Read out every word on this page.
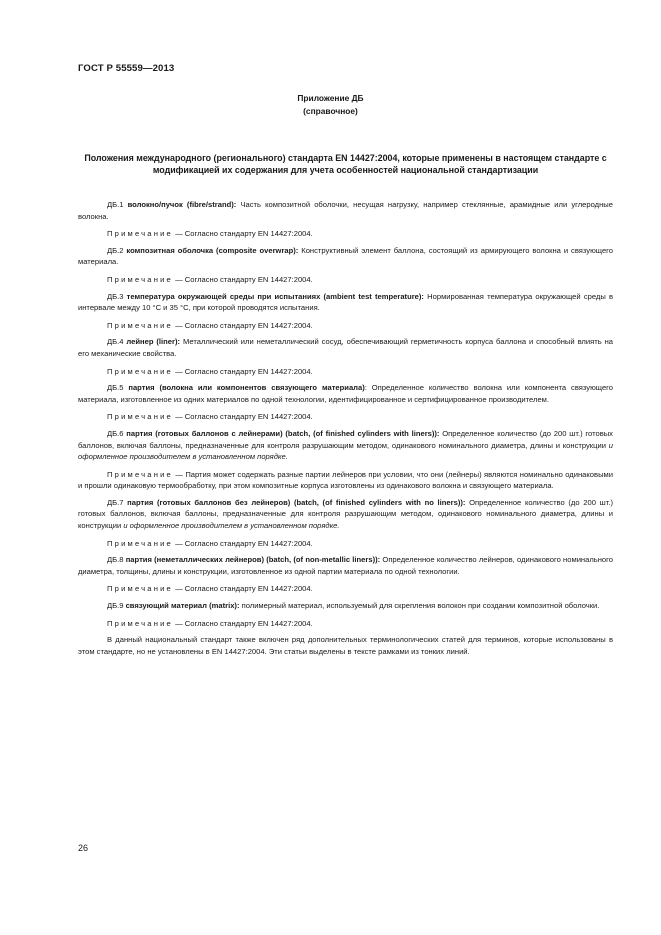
ГОСТ Р 55559—2013
Приложение ДБ
(справочное)
Положения международного (регионального) стандарта EN 14427:2004, которые применены в настоящем стандарте с модификацией их содержания для учета особенностей национальной стандартизации

ДБ.1 волокно/пучок (fibre/strand): Часть композитной оболочки, несущая нагрузку, например стеклянные, арамидные или углеродные волокна.

Примечание — Согласно стандарту EN 14427:2004.

ДБ.2 композитная оболочка (composite overwrap): Конструктивный элемент баллона, состоящий из армирующего волокна и связующего материала.

Примечание — Согласно стандарту EN 14427:2004.

ДБ.3 температура окружающей среды при испытаниях (ambient test temperature): Нормированная температура окружающей среды в интервале между 10 °С и 35 °С, при которой проводятся испытания.

Примечание — Согласно стандарту EN 14427:2004.

ДБ.4 лейнер (liner): Металлический или неметаллический сосуд, обеспечивающий герметичность корпуса баллона и способный влиять на его механические свойства.

Примечание — Согласно стандарту EN 14427:2004.

ДБ.5 партия (волокна или компонентов связующего материала): Определенное количество волокна или компонента связующего материала, изготовленное из одних материалов по одной технологии, идентифицированное и сертифицированное производителем.

Примечание — Согласно стандарту EN 14427:2004.

ДБ.6 партия (готовых баллонов с лейнерами) (batch, (of finished cylinders with liners)): Определенное количество (до 200 шт.) готовых баллонов, включая баллоны, предназначенные для контроля разрушающим методом, одинакового номинального диаметра, длины и конструкции и оформленное производителем в установленном порядке.

Примечание — Партия может содержать разные партии лейнеров при условии, что они (лейнеры) являются номинально одинаковыми и прошли одинаковую термообработку, при этом композитные корпуса изготовлены из одинакового волокна и связующего материала.

ДБ.7 партия (готовых баллонов без лейнеров) (batch, (of finished cylinders with no liners)): Определенное количество (до 200 шт.) готовых баллонов, включая баллоны, предназначенные для контроля разрушающим методом, одинакового номинального диаметра, длины и конструкции и оформленное производителем в установленном порядке.

Примечание — Согласно стандарту EN 14427:2004.

ДБ.8 партия (неметаллических лейнеров) (batch, (of non-metallic liners)): Определенное количество лейнеров, одинакового номинального диаметра, толщины, длины и конструкции, изготовленное из одной партии материала по одной технологии.

Примечание — Согласно стандарту EN 14427:2004.

ДБ.9 связующий материал (matrix): полимерный материал, используемый для скрепления волокон при создании композитной оболочки.

Примечание — Согласно стандарту EN 14427:2004.

В данный национальный стандарт также включен ряд дополнительных терминологических статей для терминов, которые использованы в этом стандарте, но не установлены в EN 14427:2004. Эти статьи выделены в тексте рамками из тонких линий.

26
